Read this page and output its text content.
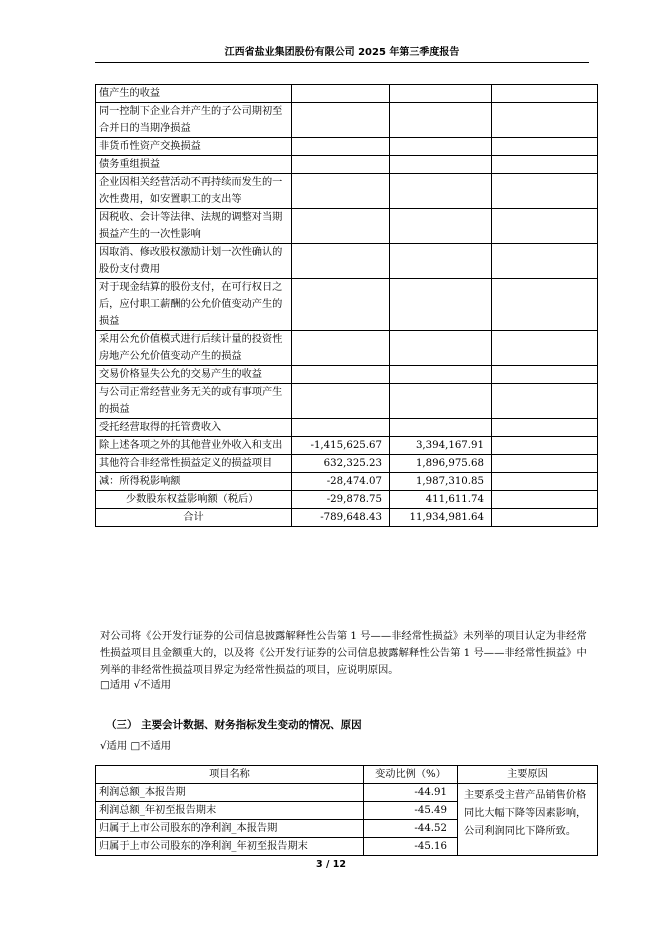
江西省盐业集团股份有限公司 2025 年第三季度报告
值产生的收益			
同一控制下企业合并产生的子公司期初至合并日的当期净损益			
非货币性资产交换损益			
债务重组损益			
企业因相关经营活动不再持续而发生的一次性费用，如安置职工的支出等			
因税收、会计等法律、法规的调整对当期损益产生的一次性影响			
因取消、修改股权激励计划一次性确认的股份支付费用			
对于现金结算的股份支付，在可行权日之后，应付职工薪酬的公允价值变动产生的损益			
采用公允价值模式进行后续计量的投资性房地产公允价值变动产生的损益			
交易价格显失公允的交易产生的收益			
与公司正常经营业务无关的或有事项产生的损益			
受托经营取得的托管费收入			
除上述各项之外的其他营业外收入和支出	-1,415,625.67	3,394,167.91	
其他符合非经常性损益定义的损益项目	632,325.23	1,896,975.68	
减：所得税影响额	-28,474.07	1,987,310.85	
少数股东权益影响额（税后）	-29,878.75	411,611.74	
合计	-789,648.43	11,934,981.64	
对公司将《公开发行证券的公司信息披露解释性公告第 1 号——非经常性损益》未列举的项目认定为非经常性损益项目且金额重大的，以及将《公开发行证券的公司信息披露解释性公告第 1 号——非经常性损益》中列举的非经常性损益项目界定为经常性损益的项目，应说明原因。
□适用 √不适用
（三） 主要会计数据、财务指标发生变动的情况、原因
√适用 □不适用
项目名称	变动比例（%）	主要原因
利润总额_本报告期	-44.91	主要系受主营产品销售价格同比大幅下降等因素影响，公司利润同比下降所致。
利润总额_年初至报告期末	-45.49	
归属于上市公司股东的净利润_本报告期	-44.52	
归属于上市公司股东的净利润_年初至报告期末	-45.16	
3 / 12
